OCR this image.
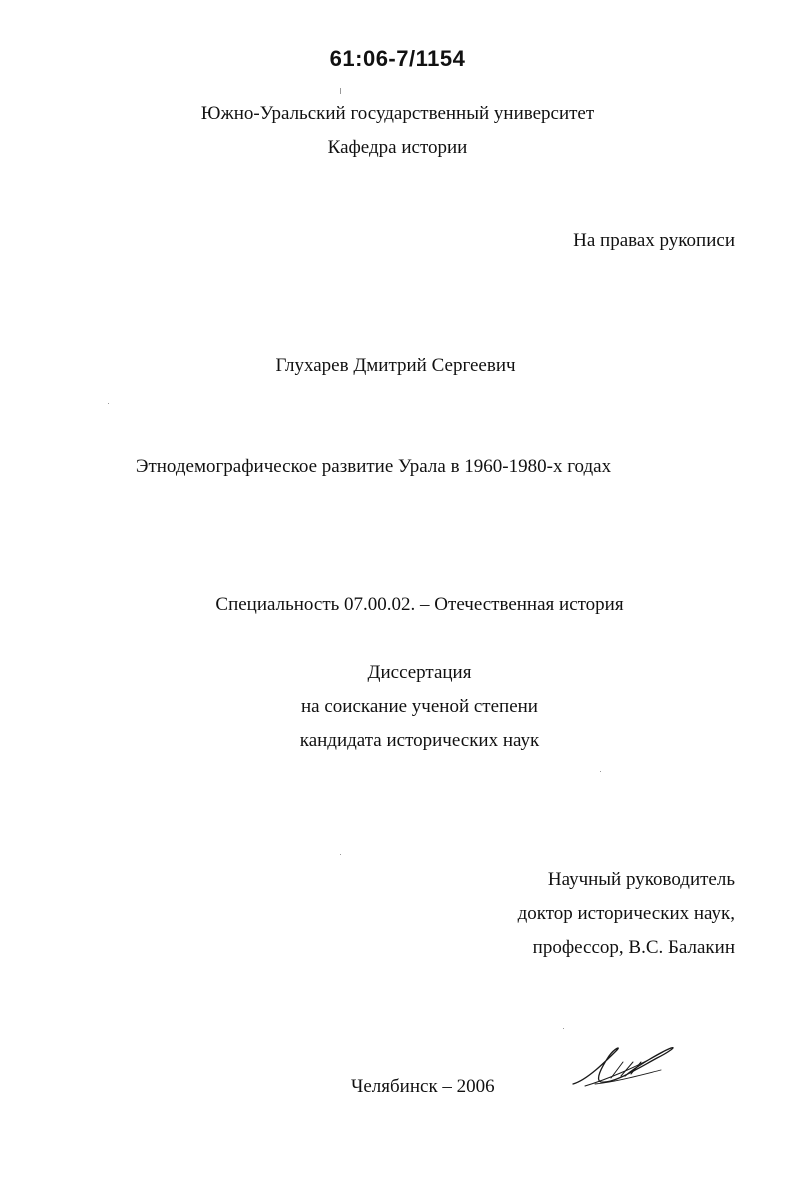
61:06-7/1154
Южно-Уральский государственный университет
Кафедра истории
На правах рукописи
Глухарев Дмитрий Сергеевич
Этнодемографическое развитие Урала в 1960-1980-х годах
Специальность 07.00.02. – Отечественная история
Диссертация
на соискание ученой степени
кандидата исторических наук
Научный руководитель
доктор исторических наук,
профессор, В.С. Балакин
Челябинск – 2006
